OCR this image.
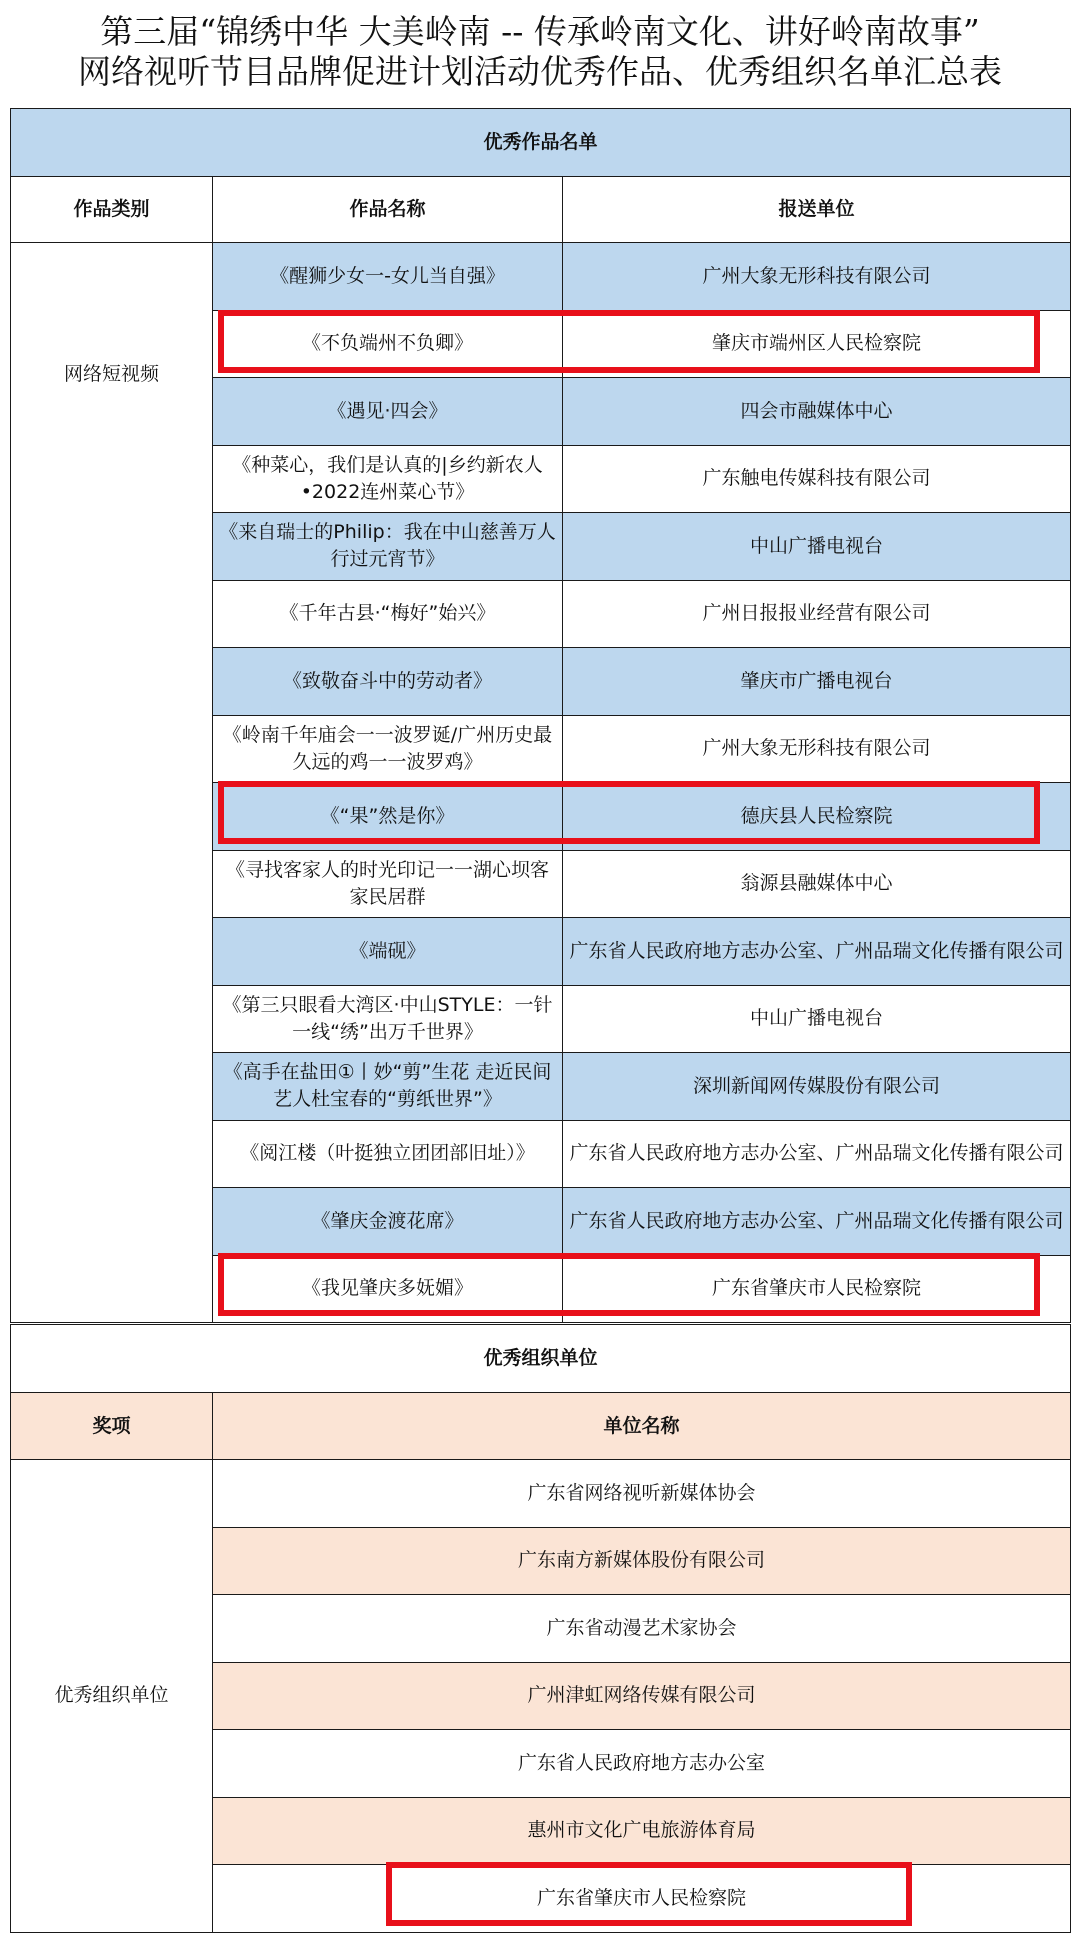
第三届“锦绣中华 大美岭南 -- 传承岭南文化、讲好岭南故事”
网络视听节目品牌促进计划活动优秀作品、优秀组织名单汇总表
优秀作品名单		
作品类别	作品名称	报送单位
网络短视频	《醒狮少女一-女儿当自强》	广州大象无形科技有限公司
	《不负端州不负卿》	肇庆市端州区人民检察院
	《遇见·四会》	四会市融媒体中心
	《种菜心，我们是认真的|乡约新农人•2022连州菜心节》	广东触电传媒科技有限公司
	《来自瑞士的Philip：我在中山慈善万人行过元宵节》	中山广播电视台
	《千年古县·“梅好”始兴》	广州日报报业经营有限公司
	《致敬奋斗中的劳动者》	肇庆市广播电视台
	《岭南千年庙会一一波罗诞/广州历史最久远的鸡一一波罗鸡》	广州大象无形科技有限公司
	《“果”然是你》	德庆县人民检察院
	《寻找客家人的时光印记一一湖心坝客家民居群	翁源县融媒体中心
	《端砚》	广东省人民政府地方志办公室、广州品瑞文化传播有限公司
	《第三只眼看大湾区·中山STYLE：一针一线“绣”出万千世界》	中山广播电视台
	《高手在盐田①丨妙“剪”生花 走近民间艺人杜宝春的“剪纸世界”》	深圳新闻网传媒股份有限公司
	《阅江楼（叶挺独立团团部旧址）》	广东省人民政府地方志办公室、广州品瑞文化传播有限公司
	《肇庆金渡花席》	广东省人民政府地方志办公室、广州品瑞文化传播有限公司
	《我见肇庆多妩媚》	广东省肇庆市人民检察院
优秀组织单位	
奖项	单位名称
优秀组织单位	广东省网络视听新媒体协会
	广东南方新媒体股份有限公司
	广东省动漫艺术家协会
	广州津虹网络传媒有限公司
	广东省人民政府地方志办公室
	惠州市文化广电旅游体育局
	广东省肇庆市人民检察院
